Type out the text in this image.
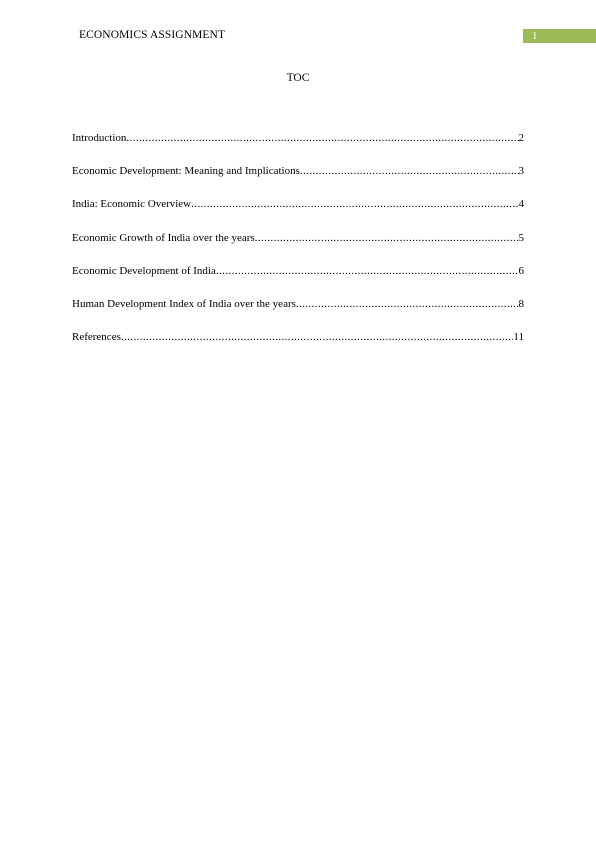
ECONOMICS ASSIGNMENT	1
TOC
Introduction .....	2
Economic Development: Meaning and Implications .....	3
India: Economic Overview .....	4
Economic Growth of India over the years .....	5
Economic Development of India .....	6
Human Development Index of India over the years .....	8
References .....	11
